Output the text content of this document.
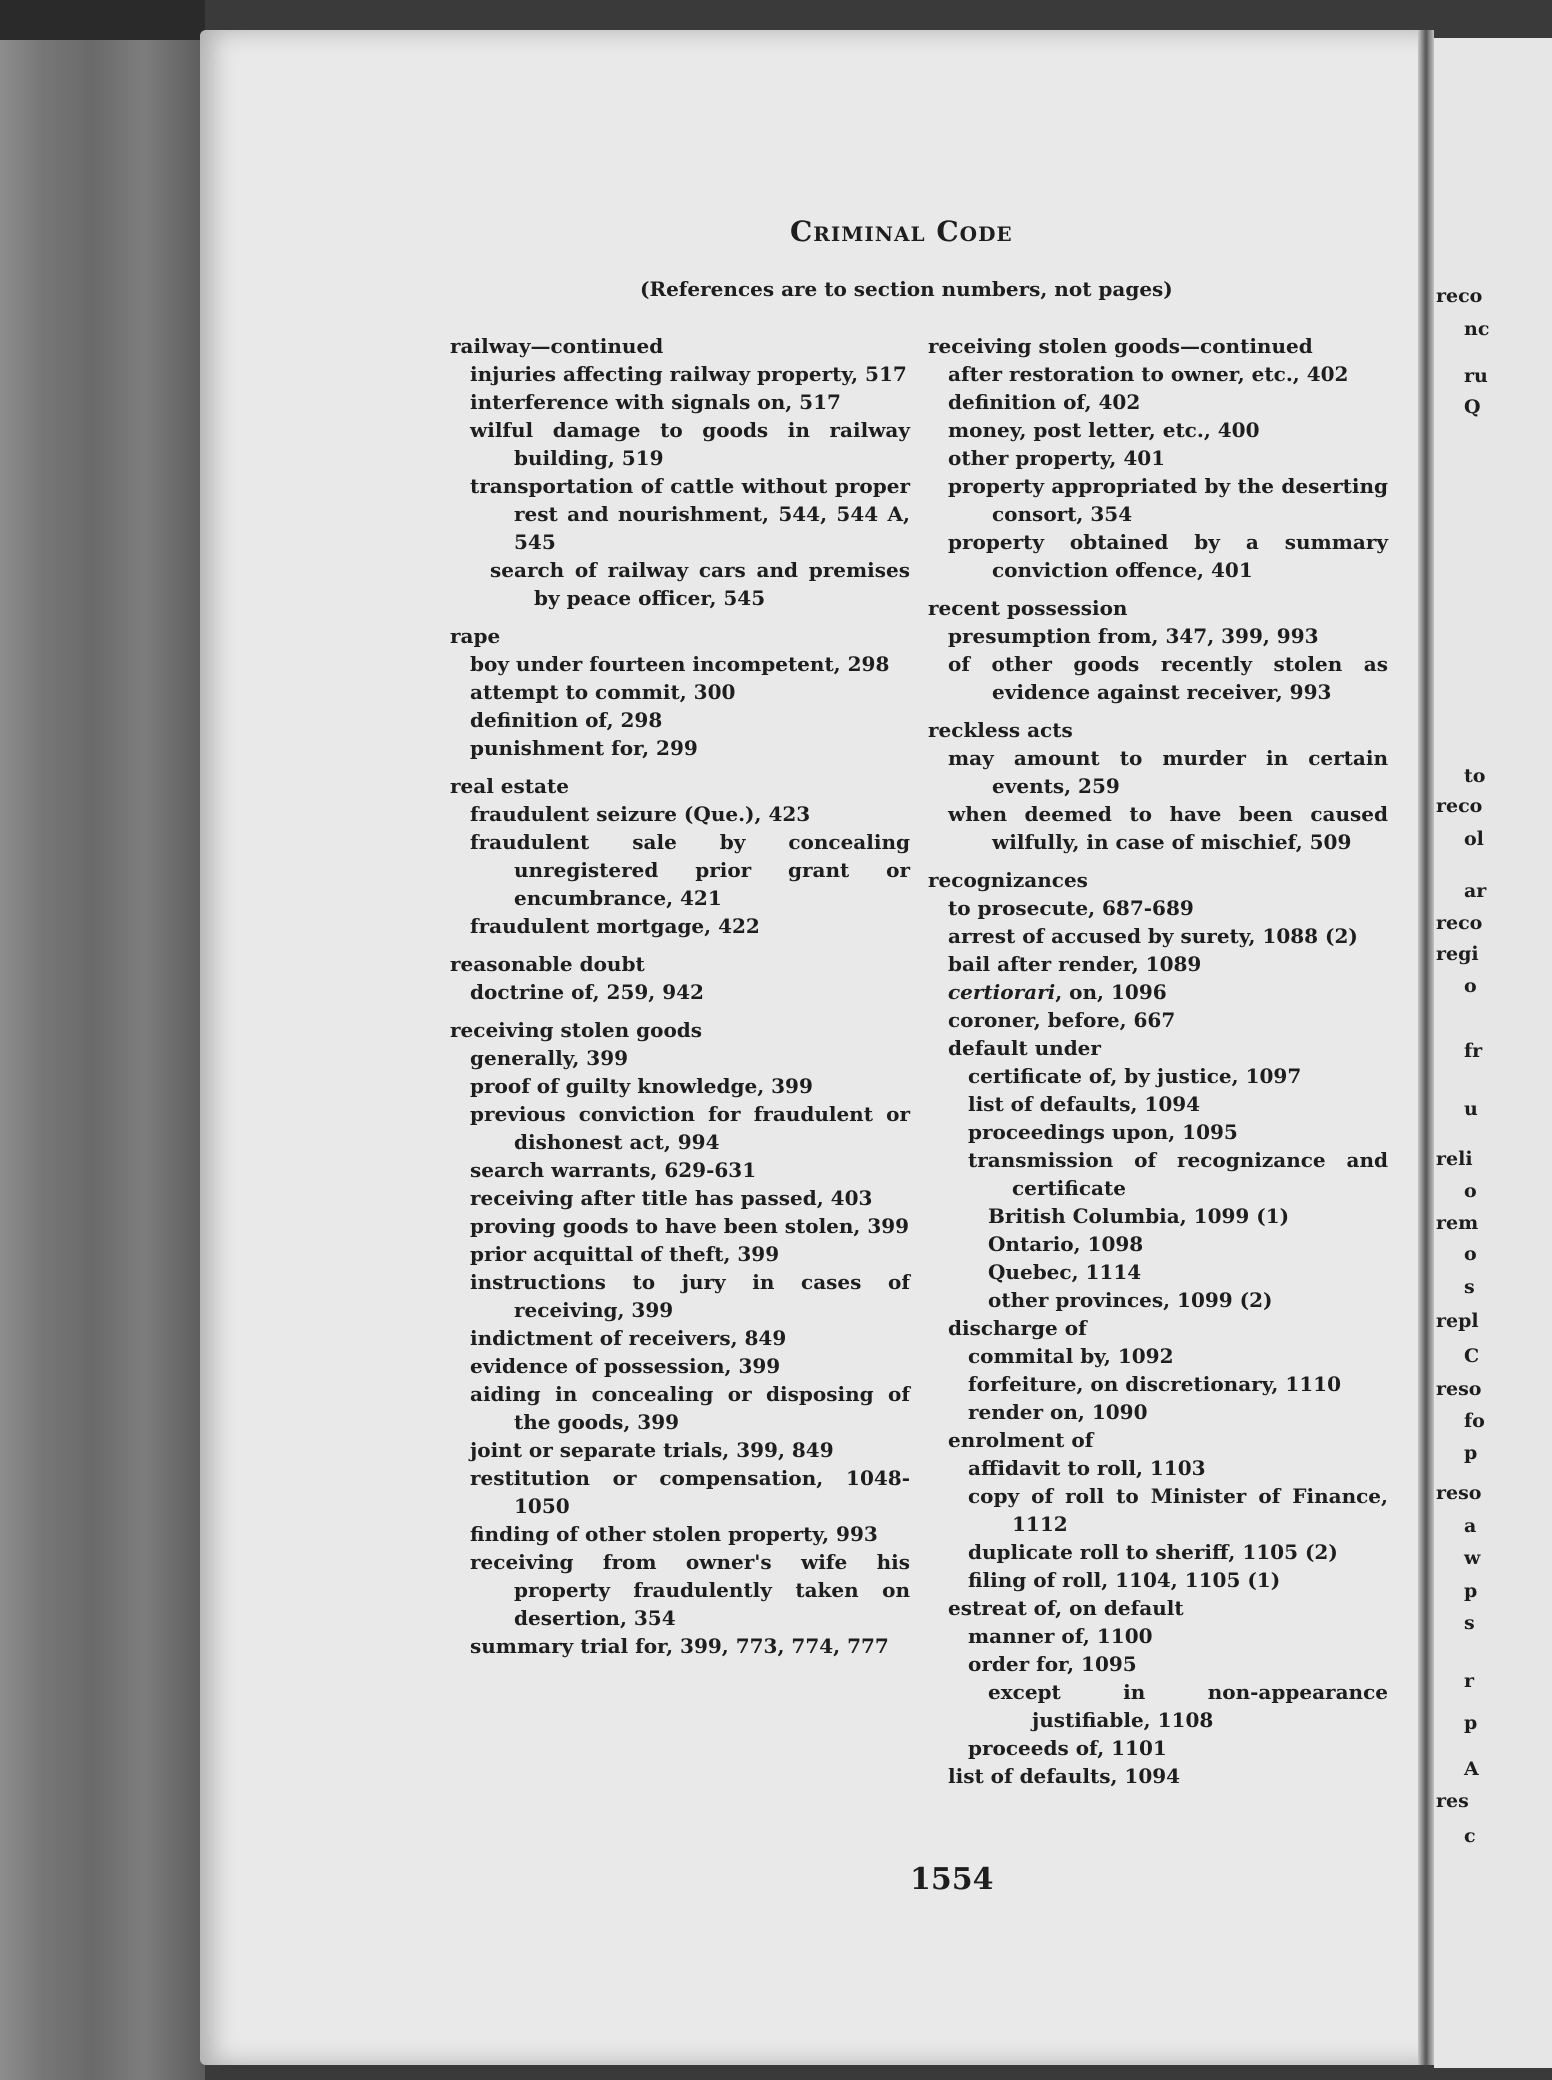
reco
nc
ru
Q
to
reco
ol
ar
reco
regi
o
fr
u
reli
o
rem
o
s
repl
C
reso
fo
p
reso
a
w
p
s
r
p
A
res
c
Criminal Code
(References are to section numbers, not pages)
railway—continued
injuries affecting railway property, 517
interference with signals on, 517
wilful damage to goods in railway building, 519
transportation of cattle without proper rest and nourishment, 544, 544 A, 545
search of railway cars and premises by peace officer, 545
rape
boy under fourteen incompetent, 298
attempt to commit, 300
definition of, 298
punishment for, 299
real estate
fraudulent seizure (Que.), 423
fraudulent sale by concealing unregistered prior grant or encumbrance, 421
fraudulent mortgage, 422
reasonable doubt
doctrine of, 259, 942
receiving stolen goods
generally, 399
proof of guilty knowledge, 399
previous conviction for fraudulent or dishonest act, 994
search warrants, 629-631
receiving after title has passed, 403
proving goods to have been stolen, 399
prior acquittal of theft, 399
instructions to jury in cases of receiving, 399
indictment of receivers, 849
evidence of possession, 399
aiding in concealing or disposing of the goods, 399
joint or separate trials, 399, 849
restitution or compensation, 1048-1050
finding of other stolen property, 993
receiving from owner's wife his property fraudulently taken on desertion, 354
summary trial for, 399, 773, 774, 777
receiving stolen goods—continued
after restoration to owner, etc., 402
definition of, 402
money, post letter, etc., 400
other property, 401
property appropriated by the deserting consort, 354
property obtained by a summary conviction offence, 401
recent possession
presumption from, 347, 399, 993
of other goods recently stolen as evidence against receiver, 993
reckless acts
may amount to murder in certain events, 259
when deemed to have been caused wilfully, in case of mischief, 509
recognizances
to prosecute, 687-689
arrest of accused by surety, 1088 (2)
bail after render, 1089
certiorari, on, 1096
coroner, before, 667
default under
certificate of, by justice, 1097
list of defaults, 1094
proceedings upon, 1095
transmission of recognizance and certificate
British Columbia, 1099 (1)
Ontario, 1098
Quebec, 1114
other provinces, 1099 (2)
discharge of
commital by, 1092
forfeiture, on discretionary, 1110
render on, 1090
enrolment of
affidavit to roll, 1103
copy of roll to Minister of Finance, 1112
duplicate roll to sheriff, 1105 (2)
filing of roll, 1104, 1105 (1)
estreat of, on default
manner of, 1100
order for, 1095
except in non-appearance justifiable, 1108
proceeds of, 1101
list of defaults, 1094
1554
